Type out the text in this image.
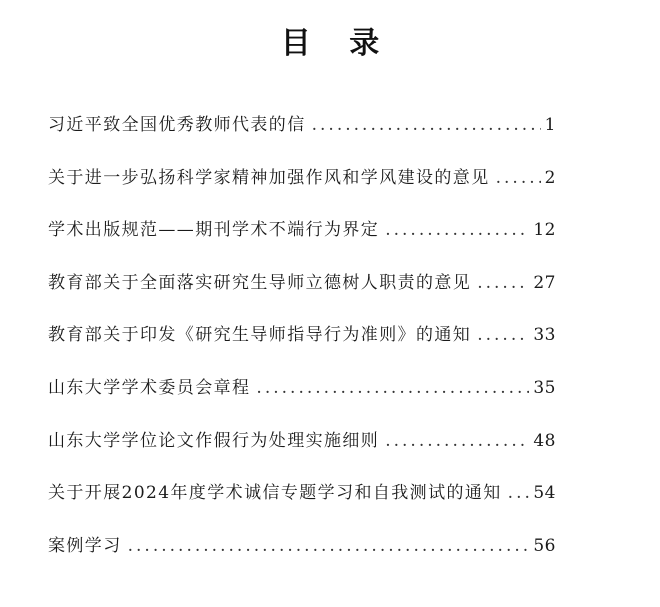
目 录
习近平致全国优秀教师代表的信 . . .	1
关于进一步弘扬科学家精神加强作风和学风建设的意见 . . .	2
学术出版规范——期刊学术不端行为界定 . . .	12
教育部关于全面落实研究生导师立德树人职责的意见 . . .	27
教育部关于印发《研究生导师指导行为准则》的通知 . . .	33
山东大学学术委员会章程 . . .	35
山东大学学位论文作假行为处理实施细则 . . .	48
关于开展2024年度学术诚信专题学习和自我测试的通知 . . . 54
案例学习 . . .	56
